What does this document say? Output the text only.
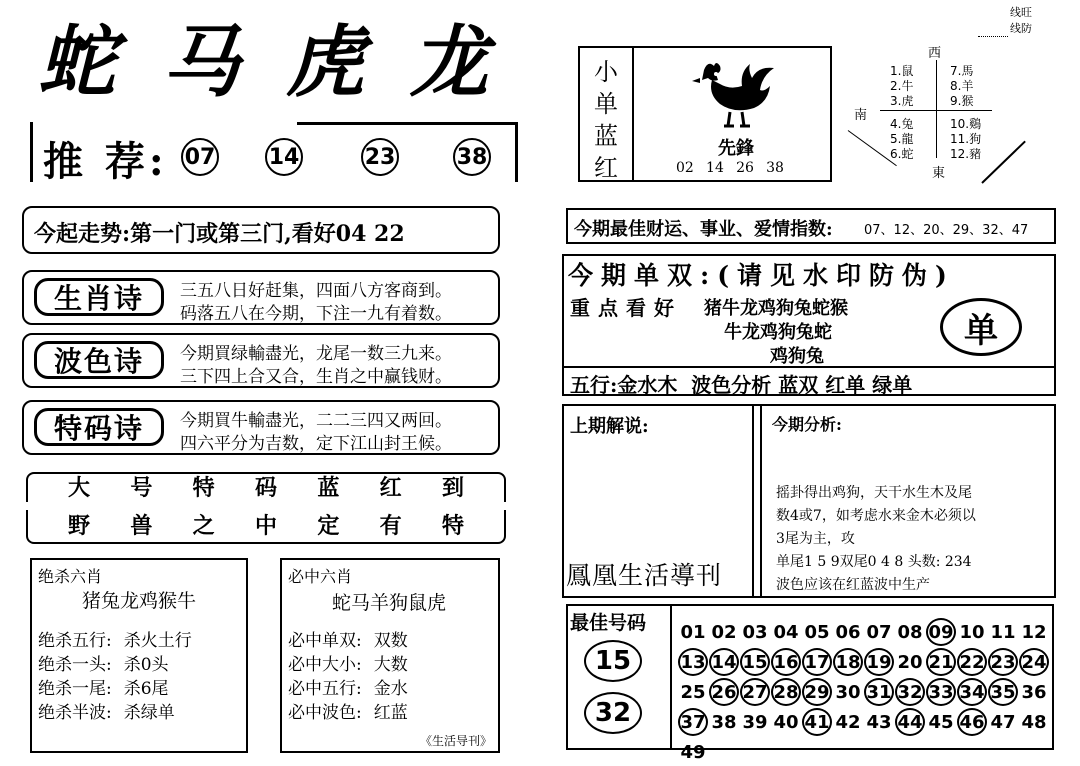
蛇 马 虎 龙
推 荐: 07 14	23	38
今起走势:第一门或第三门,看好04 22
生肖诗	三五八日好赶集，四面八方客商到。
码落五八在今期，下注一九有着数。
波色诗	今期買绿輸盡光，龙尾一数三九来。
三下四上合又合，生肖之中赢钱财。
特码诗	今期買牛輸盡光，二二三四又两回。
四六平分为吉数，定下江山封王候。
大 号 特 码 蓝 红 到
野 兽 之 中 定 有 特
绝杀六肖
猪兔龙鸡猴牛
绝杀五行: 杀火土行
绝杀一头: 杀0头
绝杀一尾: 杀6尾
绝杀半波: 杀绿单
必中六肖
蛇马羊狗鼠虎
必中单双: 双数
必中大小: 大数
必中五行: 金水
必中波色: 红蓝
《生活导刊》
小
单
蓝
红
先鋒
02 14 26 38
线旺
线防
西
南
東
1.鼠
2.牛
3.虎
4.兔
5.龍
6.蛇
7.馬
8.羊
9.猴
10.鷄
11.狗
12.豬
今期最佳财运、事业、爱情指数: 07、12、20、29、32、47
今期单双:(请见水印防伪)
重点看好 猪牛龙鸡狗兔蛇猴
牛龙鸡狗兔蛇
鸡狗兔
单
五行:金水木  波色分析 蓝双 红单 绿单
上期解说:	今期分析:
鳳凰生活導刊
摇卦得出鸡狗，天干水生木及尾
数4或7，如考虑水来金木必须以
3尾为主，攻
单尾1 5 9双尾0 4 8 头数: 234
波色应该在红蓝波中生产
最佳号码
15
32
01 02 03 04 05 06 07 08 09 10 11 12
13 14 15 16 17 18 19 20 21 22 23 24
25 26 27 28 29 30 31 32 33 34 35 36
37 38 39 40 41 42 43 44 45 46 47 48
49
